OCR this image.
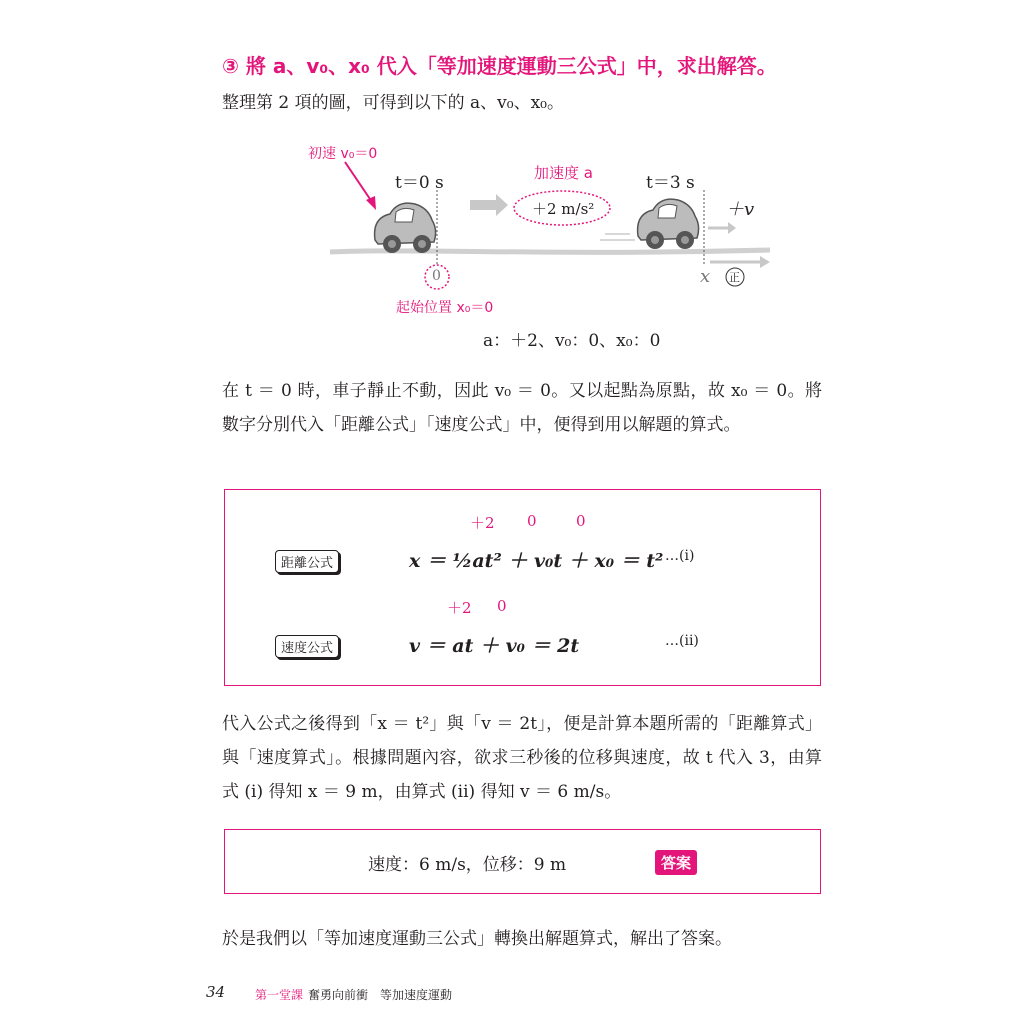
③ 將 a、v₀、x₀ 代入「等加速度運動三公式」中，求出解答。
整理第 2 項的圖，可得到以下的 a、v₀、x₀。
初速 v₀＝0
t＝0 s	加速度 a
＋2 m/s²
t＝3 s
＋v
0	x 正
起始位置 x₀＝0
a：＋2、v₀：0、x₀：0
在 t ＝ 0 時，車子靜止不動，因此 v₀ ＝ 0。又以起點為原點，故 x₀ ＝ 0。將數字分別代入「距離公式」「速度公式」中，便得到用以解題的算式。
距離公式
＋2 0	0
x ＝ ½at² ＋ v₀t ＋ x₀ ＝ t² …(i)
速度公式
＋2 0
v ＝ at ＋ v₀ ＝ 2t	…(ii)
代入公式之後得到「x ＝ t²」與「v ＝ 2t」，便是計算本題所需的「距離算式」與「速度算式」。根據問題內容，欲求三秒後的位移與速度，故 t 代入 3，由算式 (i) 得知 x ＝ 9 m，由算式 (ii) 得知 v ＝ 6 m/s。
速度：6 m/s，位移：9 m	答案
於是我們以「等加速度運動三公式」轉換出解題算式，解出了答案。
34 第一堂課 奮勇向前衝　等加速度運動
